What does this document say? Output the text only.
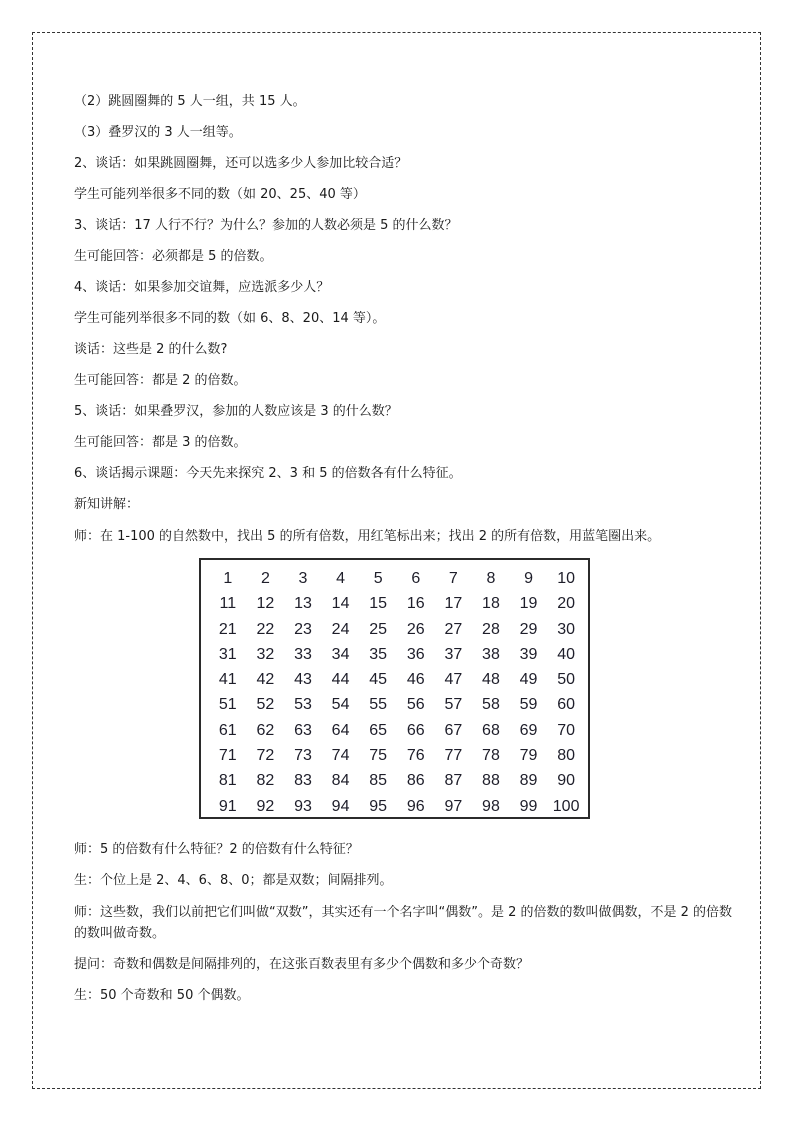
（2）跳圆圈舞的 5 人一组，共 15 人。
（3）叠罗汉的 3 人一组等。
2、谈话：如果跳圆圈舞，还可以选多少人参加比较合适？
学生可能列举很多不同的数（如 20、25、40 等）
3、谈话：17 人行不行？为什么？参加的人数必须是 5 的什么数？
生可能回答：必须都是 5 的倍数。
4、谈话：如果参加交谊舞，应选派多少人？
学生可能列举很多不同的数（如 6、8、20、14 等）。
谈话：这些是 2 的什么数?
生可能回答：都是 2 的倍数。
5、谈话：如果叠罗汉，参加的人数应该是 3 的什么数？
生可能回答：都是 3 的倍数。
6、谈话揭示课题：今天先来探究 2、3 和 5 的倍数各有什么特征。
新知讲解：
师：在 1-100 的自然数中，找出 5 的所有倍数，用红笔标出来；找出 2 的所有倍数，用蓝笔圈出来。
1	2	3	4	5	6	7	8	9	10
11	12	13	14	15	16	17	18	19	20
21	22	23	24	25	26	27	28	29	30
31	32	33	34	35	36	37	38	39	40
41	42	43	44	45	46	47	48	49	50
51	52	53	54	55	56	57	58	59	60
61	62	63	64	65	66	67	68	69	70
71	72	73	74	75	76	77	78	79	80
81	82	83	84	85	86	87	88	89	90
91	92	93	94	95	96	97	98	99 100
师：5 的倍数有什么特征？2 的倍数有什么特征？
生：个位上是 2、4、6、8、0；都是双数；间隔排列。
师：这些数，我们以前把它们叫做“双数”，其实还有一个名字叫“偶数”。是 2 的倍数的数叫做偶数，不是 2 的倍数的数叫做奇数。
提问：奇数和偶数是间隔排列的，在这张百数表里有多少个偶数和多少个奇数？
生：50 个奇数和 50 个偶数。
